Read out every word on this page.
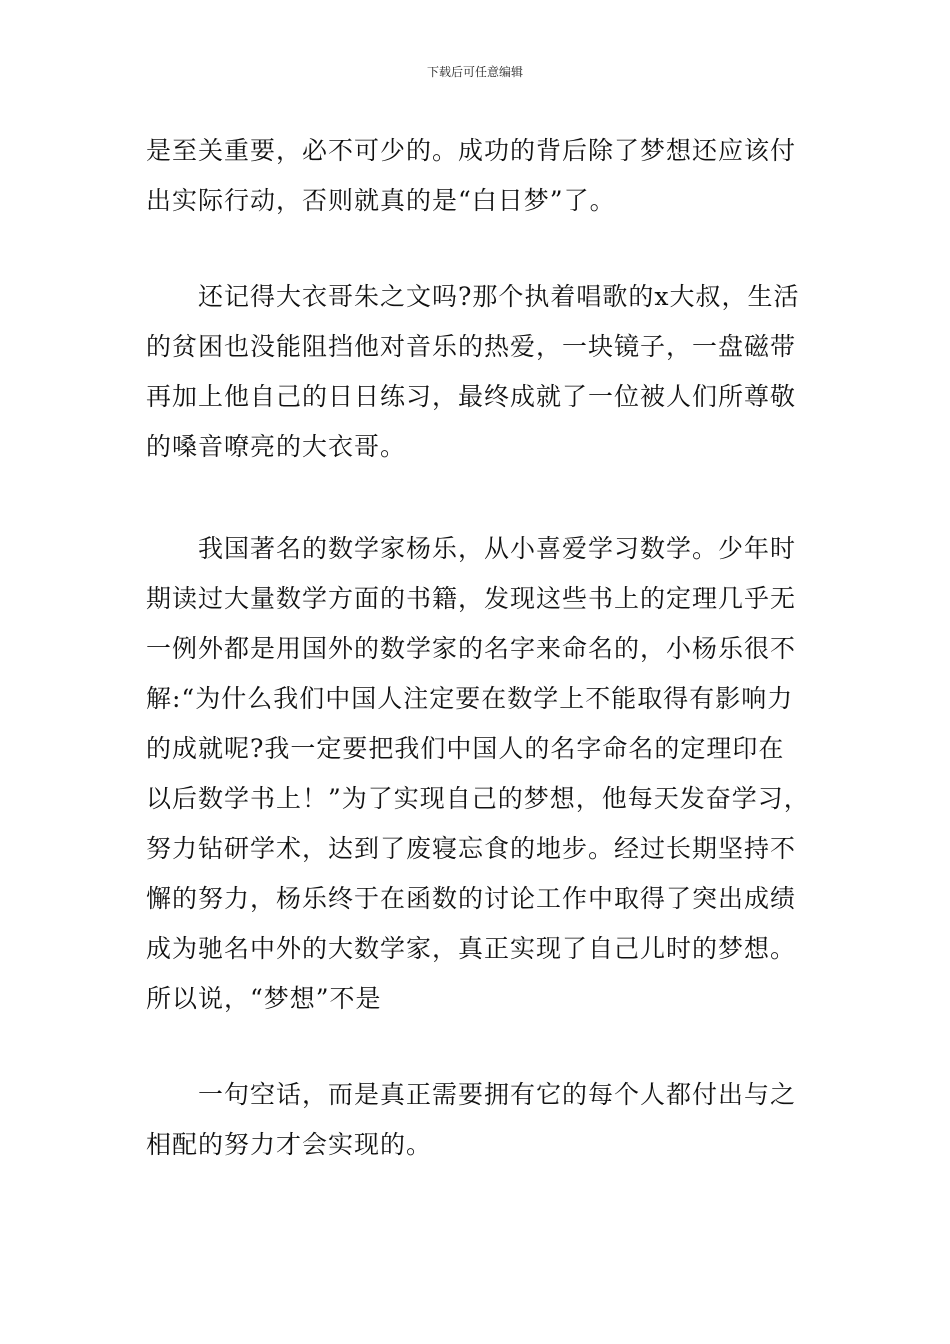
下载后可任意编辑

是至关重要，必不可少的。成功的背后除了梦想还应该付出实际行动，否则就真的是“白日梦”了。

还记得大衣哥朱之文吗?那个执着唱歌的x大叔，生活的贫困也没能阻挡他对音乐的热爱，一块镜子，一盘磁带再加上他自己的日日练习，最终成就了一位被人们所尊敬的嗓音嘹亮的大衣哥。

我国著名的数学家杨乐，从小喜爱学习数学。少年时期读过大量数学方面的书籍，发现这些书上的定理几乎无一例外都是用国外的数学家的名字来命名的，小杨乐很不解:“为什么我们中国人注定要在数学上不能取得有影响力的成就呢?我一定要把我们中国人的名字命名的定理印在以后数学书上！”为了实现自己的梦想，他每天发奋学习，努力钻研学术，达到了废寝忘食的地步。经过长期坚持不懈的努力，杨乐终于在函数的讨论工作中取得了突出成绩成为驰名中外的大数学家，真正实现了自己儿时的梦想。所以说，“梦想”不是

一句空话，而是真正需要拥有它的每个人都付出与之相配的努力才会实现的。
